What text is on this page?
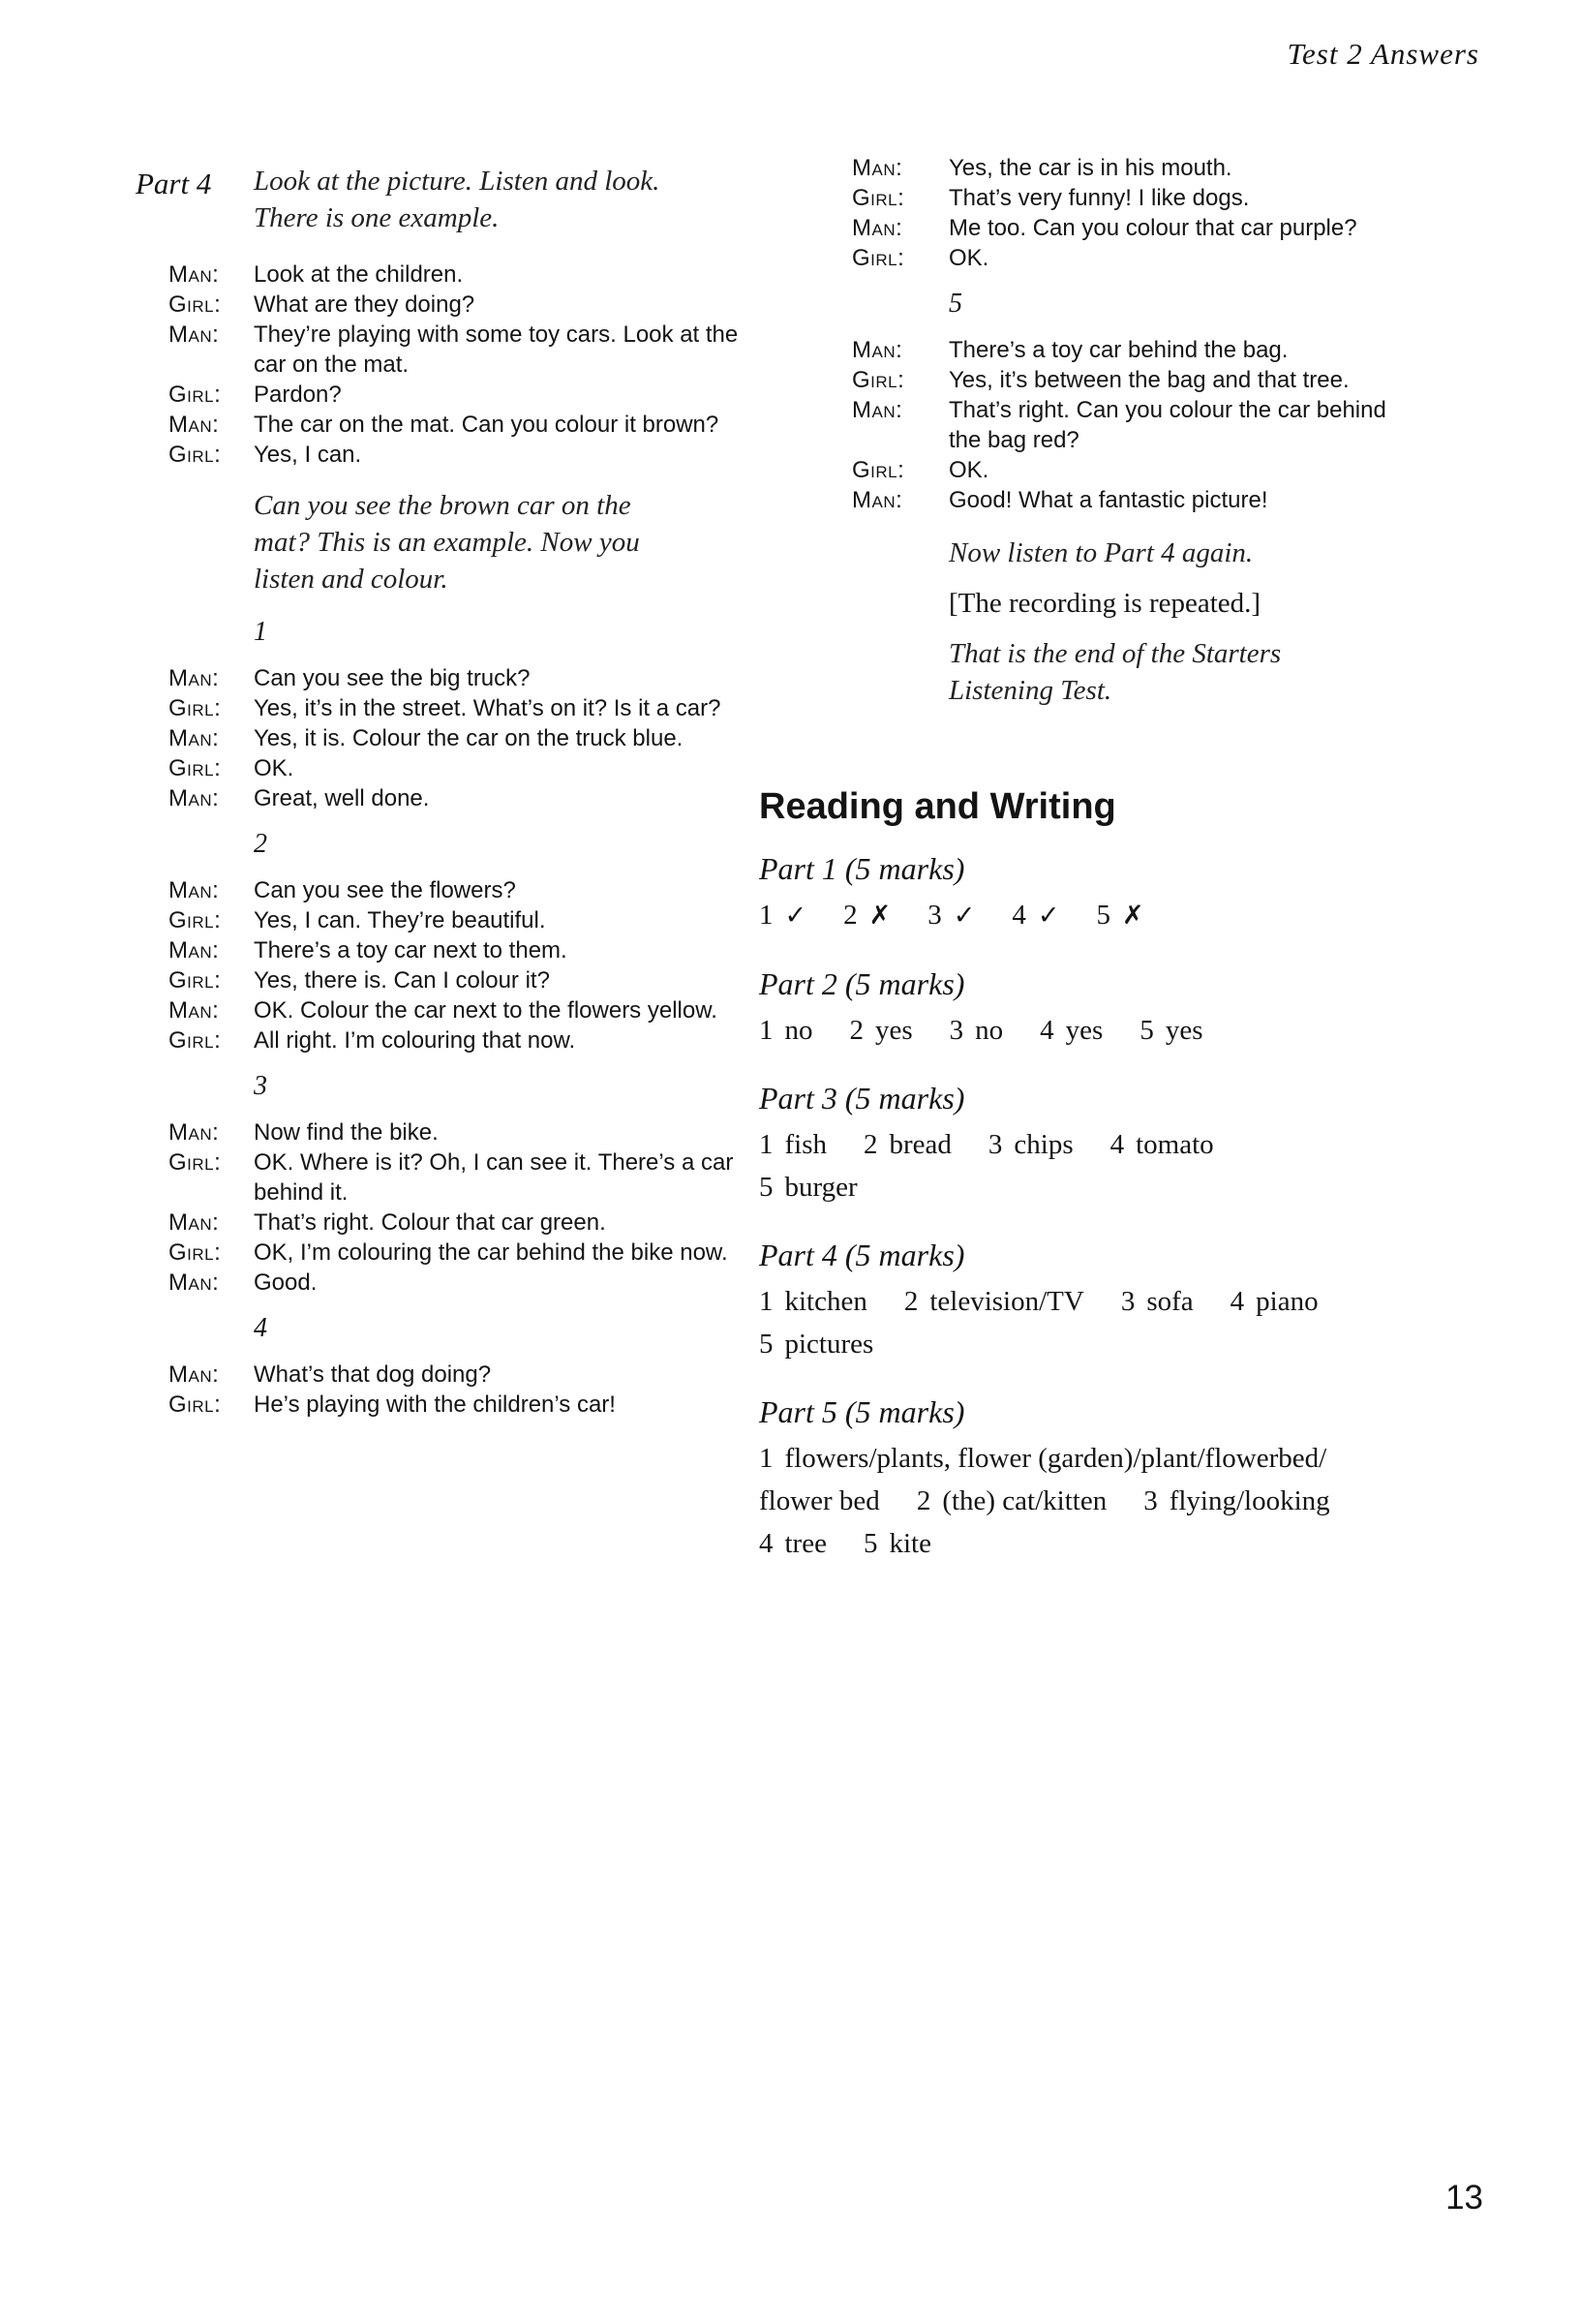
Test 2 Answers
Part 4 Look at the picture. Listen and look.
There is one example.
Man:	Look at the children.
Girl:	What are they doing?
Man:	They’re playing with some toy cars. Look at the car on the mat.
Girl:	Pardon?
Man:	The car on the mat. Can you colour it brown?
Girl:	Yes, I can.
Can you see the brown car on the
mat? This is an example. Now you
listen and colour.
1
Man:	Can you see the big truck?
Girl:	Yes, it’s in the street. What’s on it? Is it a car?
Man:	Yes, it is. Colour the car on the truck blue.
Girl:	OK.
Man:	Great, well done.
2
Man:	Can you see the flowers?
Girl:	Yes, I can. They’re beautiful.
Man:	There’s a toy car next to them.
Girl:	Yes, there is. Can I colour it?
Man:	OK. Colour the car next to the flowers yellow.
Girl:	All right. I’m colouring that now.
3
Man:	Now find the bike.
Girl:	OK. Where is it? Oh, I can see it. There’s a car behind it.
Man:	That’s right. Colour that car green.
Girl:	OK, I’m colouring the car behind the bike now.
Man:	Good.
4
Man:	What’s that dog doing?
Girl:	He’s playing with the children’s car!
Man:	Yes, the car is in his mouth.
Girl:	That’s very funny! I like dogs.
Man:	Me too. Can you colour that car purple?
Girl:	OK.
5
Man:	There’s a toy car behind the bag.
Girl:	Yes, it’s between the bag and that tree.
Man:	That’s right. Can you colour the car behind the bag red?
Girl:	OK.
Man:	Good! What a fantastic picture!
Now listen to Part 4 again.
[The recording is repeated.]
That is the end of the Starters
Listening Test.
Reading and Writing
Part 1 (5 marks)
1 ✓ 2 ✗ 3 ✓ 4 ✓ 5 ✗
Part 2 (5 marks)
1 no 2 yes 3 no 4 yes 5 yes
Part 3 (5 marks)
1 fish 2 bread 3 chips 4 tomato
5 burger
Part 4 (5 marks)
1 kitchen 2 television/TV 3 sofa 4 piano
5 pictures
Part 5 (5 marks)
1 flowers/plants, flower (garden)/plant/flowerbed/
flower bed 2 (the) cat/kitten 3 flying/looking
4 tree 5 kite
13
